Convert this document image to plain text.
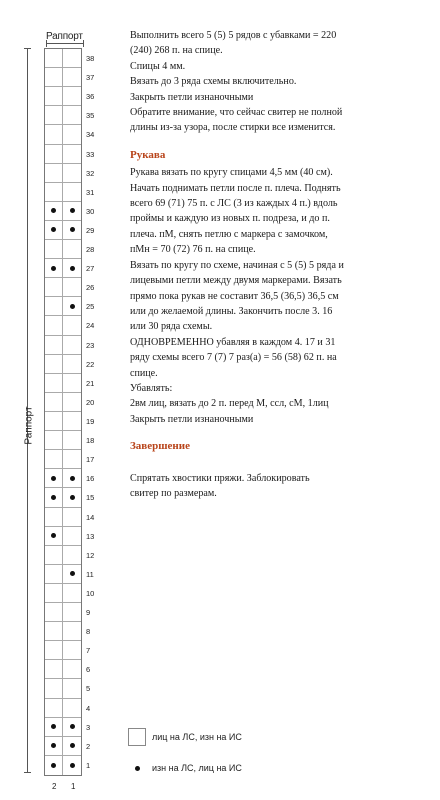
Раппорт
Раппорт
38
37
36
35
34
33
32
31
30
29
28
27
26
25
24
23
22
21
20
19
18
17
16
15
14
13
12
11
10
9
8
7
6
5
4
3
2
1
2 1

Выполнить всего 5 (5) 5 рядов с убавками = 220

(240) 268 п. на спице.

Спицы 4 мм.

Вязать до 3 ряда схемы включительно.

Закрыть петли изнаночными

Обратите внимание, что сейчас свитер не полной

длины из-за узора, после стирки все изменится.

Рукава

Рукава вязать по кругу спицами 4,5 мм (40 см).

Начать поднимать петли после п. плеча. Поднять

всего 69 (71) 75 п. с ЛС (3 из каждых 4 п.) вдоль

проймы и каждую из новых п. подреза, и до п.

плеча. пМ, снять петлю с маркера с замочком,

пМн = 70 (72) 76 п. на спице.

Вязать по кругу по схеме, начиная с 5 (5) 5 ряда и

лицевыми петли между двумя маркерами. Вязать

прямо пока рукав не составит 36,5 (36,5) 36,5 см

или до желаемой длины. Закончить после 3. 16

или 30 ряда схемы.

ОДНОВРЕМЕННО убавляя в каждом 4. 17 и 31

ряду схемы всего 7 (7) 7 раз(а) = 56 (58) 62 п. на

спице.

Убавлять:

2вм лиц, вязать до 2 п. перед М, ссл, сМ, 1лиц

Закрыть петли изнаночными

Завершение

Спрятать хвостики пряжи. Заблокировать

свитер по размерам.

лиц на ЛС, изн на ИС
изн на ЛС, лиц на ИС
